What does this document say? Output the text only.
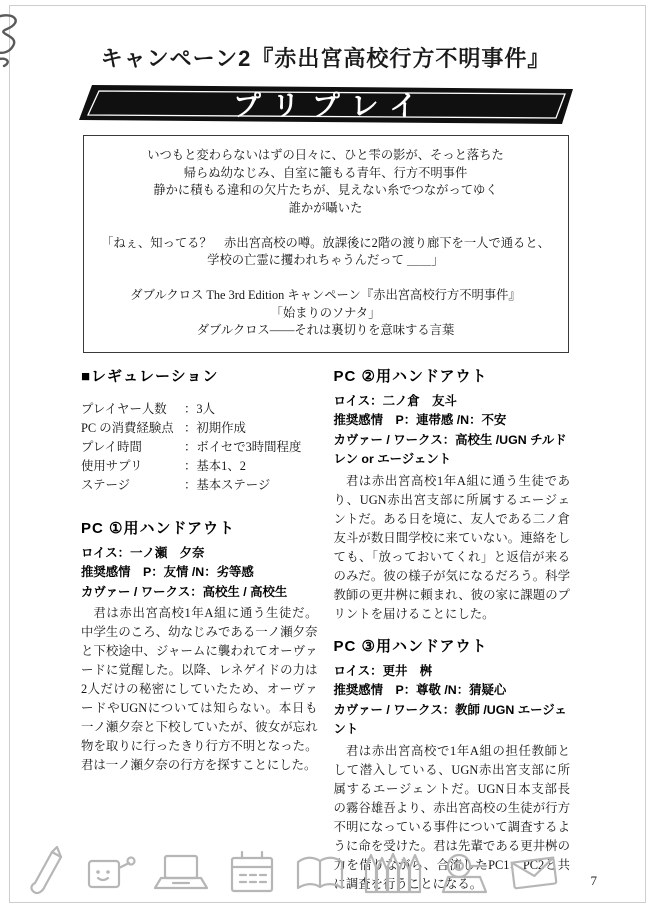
キャンペーン2『赤出宮高校行方不明事件』
プリプレイ
いつもと変わらないはずの日々に、ひと雫の影が、そっと落ちた
帰らぬ幼なじみ、自室に籠もる青年、行方不明事件
静かに積もる違和の欠片たちが、見えない糸でつながってゆく
誰かが囁いた
「ねぇ、知ってる？　赤出宮高校の噂。放課後に2階の渡り廊下を一人で通ると、
学校の亡霊に攫われちゃうんだって ＿＿」
ダブルクロス The 3rd Edition キャンペーン『赤出宮高校行方不明事件』
「始まりのソナタ」
ダブルクロス――それは裏切りを意味する言葉
■レギュレーション
プレイヤー人数	：3人
PC の消費経験点 ：初期作成
プレイ時間	：ボイセで3時間程度
使用サプリ	：基本1、2
ステージ	：基本ステージ
PC ①用ハンドアウト
ロイス：一ノ瀬　夕奈
推奨感情　P：友情 /N：劣等感
カヴァー / ワークス：高校生 / 高校生

君は赤出宮高校1年A組に通う生徒だ。中学生のころ、幼なじみである一ノ瀬夕奈と下校途中、ジャームに襲われてオーヴァードに覚醒した。以降、レネゲイドの力は2人だけの秘密にしていたため、オーヴァードやUGNについては知らない。本日も一ノ瀬夕奈と下校していたが、彼女が忘れ物を取りに行ったきり行方不明となった。君は一ノ瀬夕奈の行方を探すことにした。

PC ②用ハンドアウト
ロイス：二ノ倉　友斗
推奨感情　P：連帯感 /N：不安
カヴァー / ワークス：高校生 /UGN チルドレン or エージェント

君は赤出宮高校1年A組に通う生徒であり、UGN赤出宮支部に所属するエージェントだ。ある日を境に、友人である二ノ倉友斗が数日間学校に来ていない。連絡をしても、「放っておいてくれ」と返信が来るのみだ。彼の様子が気になるだろう。科学教師の更井桝に頼まれ、彼の家に課題のプリントを届けることにした。

PC ③用ハンドアウト
ロイス：更井　桝
推奨感情　P：尊敬 /N：猜疑心
カヴァー / ワークス：教師 /UGN エージェント

君は赤出宮高校で1年A組の担任教師として潜入している、UGN赤出宮支部に所属するエージェントだ。UGN日本支部長の霧谷雄吾より、赤出宮高校の生徒が行方不明になっている事件について調査するように命を受けた。君は先輩である更井桝の力を借りながら、合流したPC1、PC2と共に調査を行うことになる。	7
